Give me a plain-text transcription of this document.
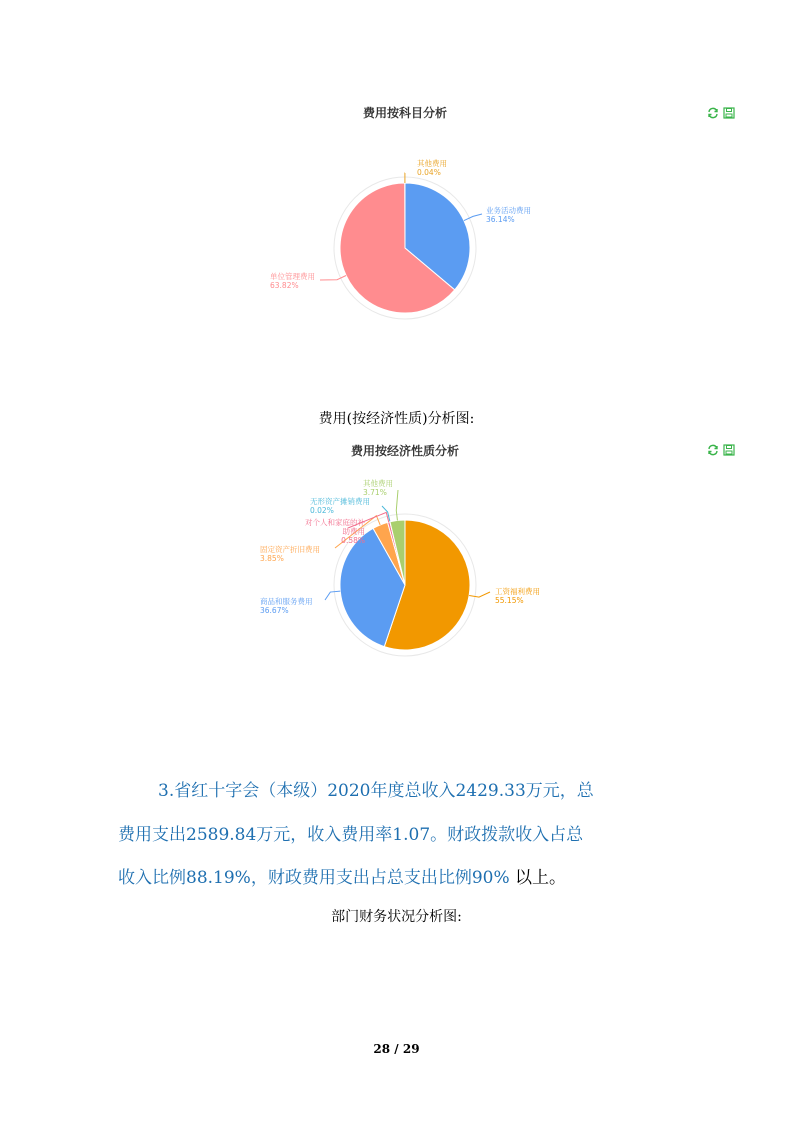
费用按科目分析
业务活动费用
36.14%
单位管理费用
63.82%
其他费用
0.04%
费用(按经济性质)分析图:
费用按经济性质分析
工资福利费用
55.15%
商品和服务费用
36.67%
固定资产折旧费用
3.85%
对个人和家庭的补
助费用
0.58%
无形资产摊销费用
0.02%
其他费用
3.71%
3.省红十字会（本级）2020年度总收入2429.33万元，总
费用支出2589.84万元，收入费用率1.07。财政拨款收入占总
收入比例88.19%，财政费用支出占总支出比例90% 以上。
部门财务状况分析图:
28 / 29
